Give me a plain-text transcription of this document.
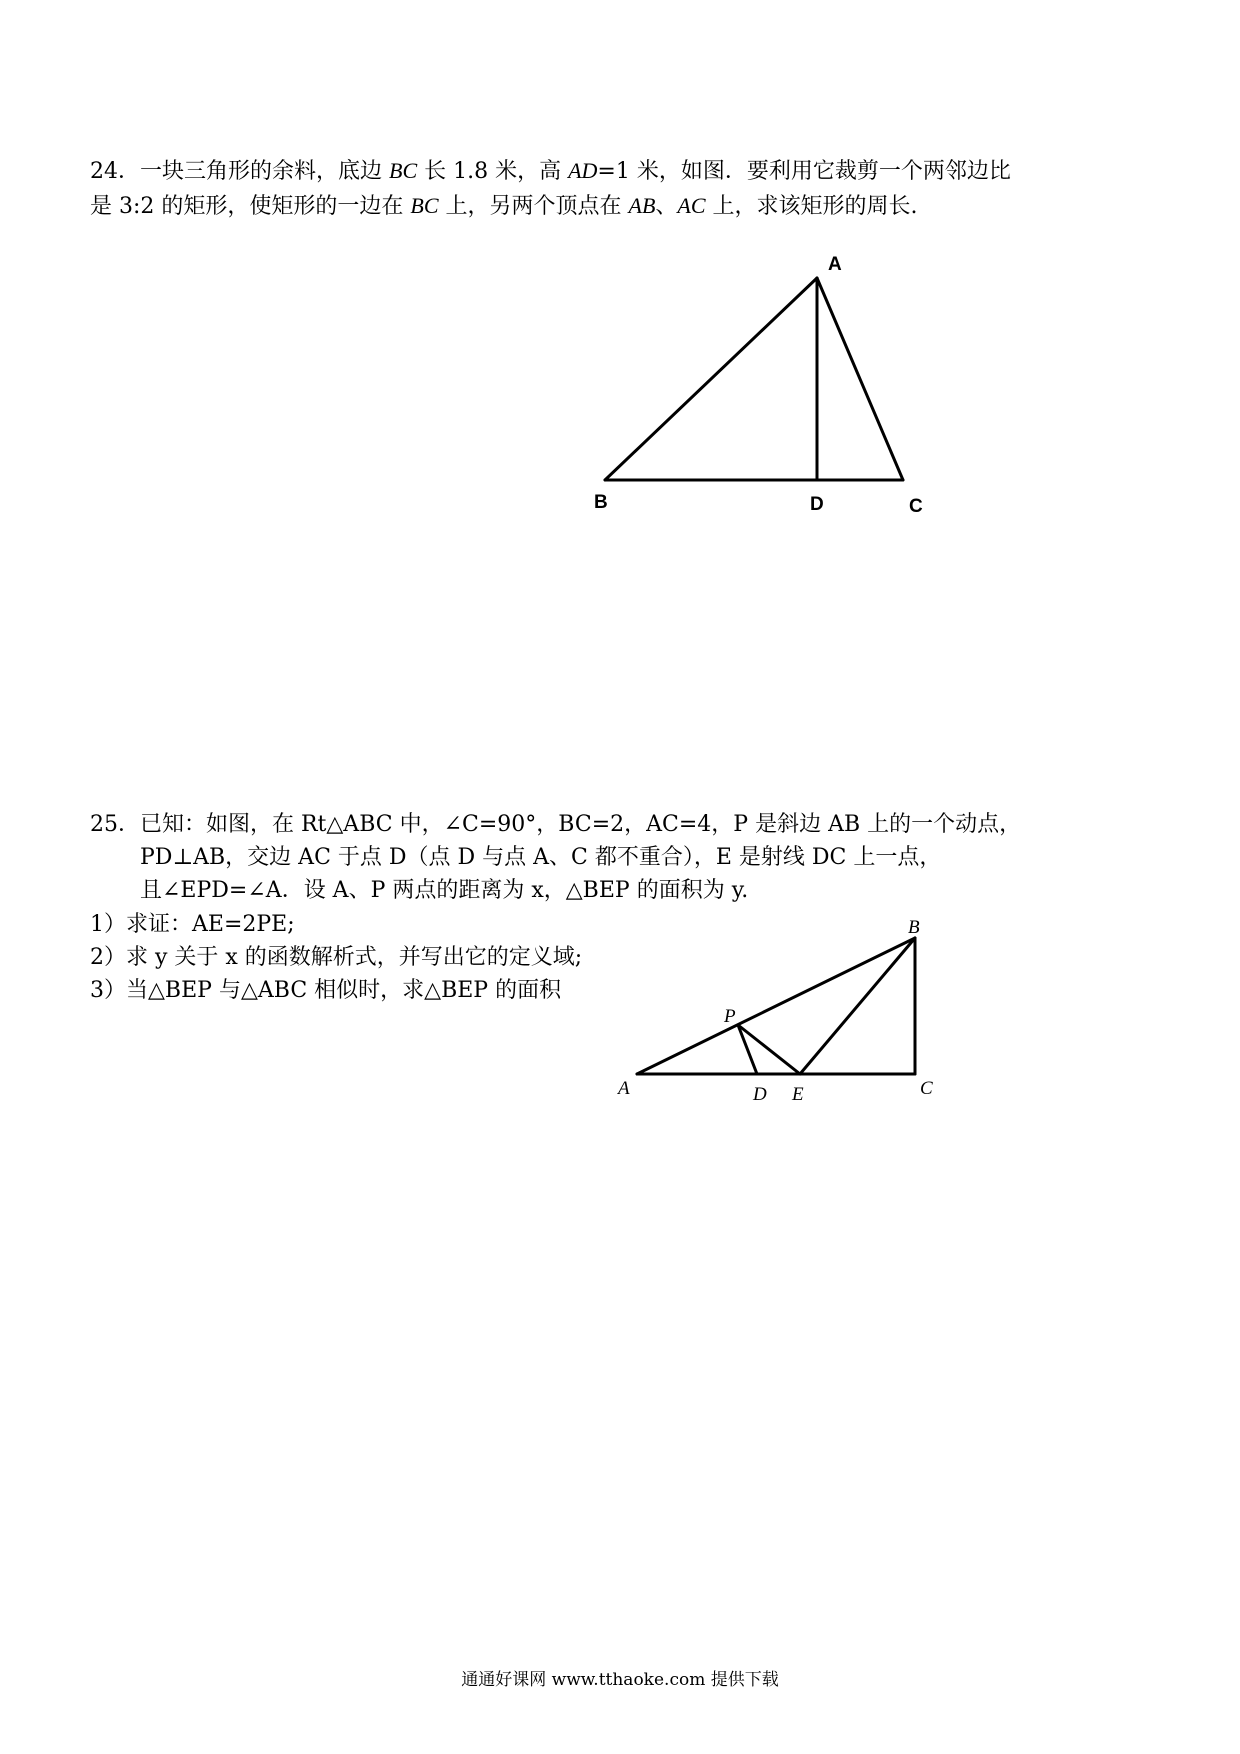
24．一块三角形的余料，底边 BC 长 1.8 米，高 AD=1 米，如图．要利用它裁剪一个两邻边比
是 3:2 的矩形，使矩形的一边在 BC 上，另两个顶点在 AB、AC 上，求该矩形的周长.
A
B	D	C
25．已知：如图，在 Rt△ABC 中，∠C=90°，BC=2，AC=4，P 是斜边 AB 上的一个动点，
PD⊥AB，交边 AC 于点 D（点 D 与点 A、C 都不重合），E 是射线 DC 上一点，
且∠EPD=∠A．设 A、P 两点的距离为 x，△BEP 的面积为 y.
1）求证：AE=2PE;
2）求 y 关于 x 的函数解析式，并写出它的定义域;
3）当△BEP 与△ABC 相似时，求△BEP 的面积
B
P
A	D E	C
通通好课网 www.tthaoke.com 提供下载
